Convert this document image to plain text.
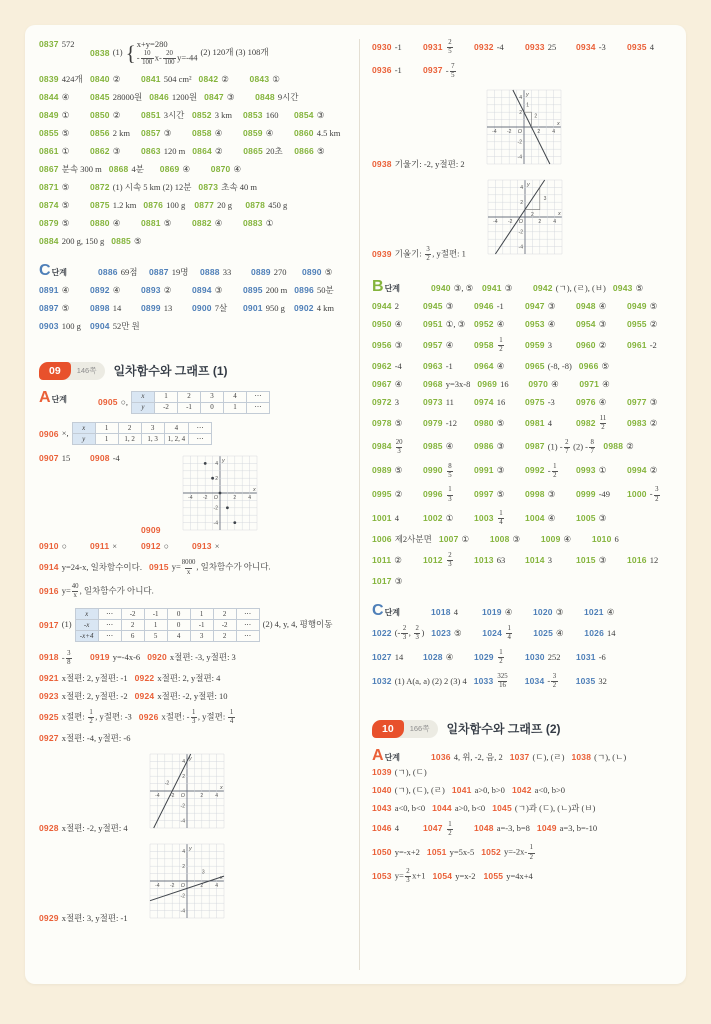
0837 572
0838 (1) { x+y=280
- $\frac{10}{100} x- \frac{20}{100} y=-44$
(2) 120개 (3) 108개
0839 424개 0840 ② 0841 504 cm² 0842 ② 0843 ①
0844 ④ 0845 28000원 0846 1200원 0847 ③ 0848 9시간
0849 ① 0850 ② 0851 3시간 0852 3 km 0853 160 0854 ③
0855 ⑤ 0856 2 km 0857 ③ 0858 ④ 0859 ④ 0860 4.5 km
0861 ① 0862 ③ 0863 120 m 0864 ② 0865 20초 0866 ⑤
0867 분속 300 m 0868 4분 0869 ④ 0870 ④
0871 ⑤ 0872 (1) 시속 5 km (2) 12분 0873 초속 40 m
0874 ⑤ 0875 1.2 km 0876 100 g 0877 20 g 0878 450 g
0879 ⑤ 0880 ④ 0881 ⑤ 0882 ④ 0883 ①
0884 200 g, 150 g 0885 ⑤
C 단계	0886 69점 0887 19명 0888 33 0889 270 0890 ⑤
0891 ④ 0892 ④ 0893 ② 0894 ③ 0895 200 m 0896 50분
0897 ⑤ 0898 14 0899 13 0900 7살 0901 950 g 0902 4 km
0903 100 g 0904 52만 원
09	146쪽	일차함수와 그래프 (1)
A 단계	0905 ○,
x	1	2	3	4	⋯
y	-2	-1	0	1	⋯
0906 ×,
x	1	2	3	4	⋯
y	1	1, 2	1, 3	1, 2, 4	⋯
0907 15 0908 -4
0909
-4
-4
-2
-2
2
2
4
4
O
x
y
0910 ○	0911 ×	0912 ○	0913 ×
0914 y=24-x, 일차함수이다. 0915 $y= \frac{8000}{x}$ , 일차함수가 아니다.
0916 $y= \frac{40}{x}$ , 일차함수가 아니다.
0917 (1)
x	⋯	-2	-1	0	1	2	⋯
-x	⋯	2	1	0	-1	-2	⋯
-x+4	⋯	6	5	4	3	2	⋯
(2) 4, y, 4, 평행이동
$0918 - \frac{3}{8} 0919$ y=-4x-6 0920 x절편: -3, y절편: 3
0921 x절편: 2, y절편: -1 0922 x절편: 2, y절편: 4
0923 x절편: 2, y절편: -2 0924 x절편: -2, y절편: 10
0925 x절편: $\frac{1}{2}$ , y절편: -3 0926 x절편: - $\frac{1}{3}$ , y절편: $\frac{1}{4}$
0927 x절편: -4, y절편: -6
0928 x절편: -2, y절편: 4
-4
-4
-2
-2
2
2
4
4
O
x
y
-2
0929 x절편: 3, y절편: -1
-4
-4
-2
-2
2
2
4
4
O
x
y
3
0930 -1 $0931 \frac{2}{5} 0932$ -4 0933 25 0934 -3 0935 4
0936 -1 $0937 - \frac{7}{5}$
0938 기울기: -2, y절편: 2
-4
-4
-2
-2
2
2
4
4
O
x
y
1
2
0939 기울기: $\frac{3}{2}$ , y절편: 1
-4
-4
-2
-2
2
2
4
4
O
x
y
2
3
B 단계	0940 ③, ⑤ 0941 ③ 0942 (ㄱ), (ㄹ), (ㅂ) 0943 ⑤
0944 2	0945 ③ 0946 -1 0947 ③ 0948 ④ 0949 ⑤
0950 ④ 0951 ①, ③ 0952 ④ 0953 ④ 0954 ③ 0955 ②
0956 ③ 0957 ④ $0958 \frac{1}{2} 0959$ 3	0960 ② 0961 -2
0962 -4 0963 -1 0964 ④ 0965 (-8, -8) 0966 ⑤
0967 ④ 0968 y=3x-8 0969 16 0970 ④ 0971 ④
0972 3	0973 11 0974 16 0975 -3 0976 ④ 0977 ③
0978 ⑤ 0979 -12 0980 ⑤ 0981 4	$0982 \frac{11}{2} 0983$ ②
$0984 \frac{20}{3} 0985$ ④ 0986 ③ 0987 $(1) - \frac{2}{7} (2) - \frac{8}{7} 0988$ ②
0989 ⑤ $0990 \frac{8}{5} 0991$ ③ $0992 - \frac{1}{2} 0993$ ① 0994 ②
0995 ② $0996 \frac{1}{3} 0997$ ⑤ 0998 ③ 0999 -49 $1000 - \frac{3}{2}$
1001 4	1002 ① $1003 \frac{1}{4} 1004$ ④ 1005 ③
1006 제2사분면 1007 ① 1008 ③ 1009 ④ 1010 6
1011 ② $1012 \frac{2}{3} 1013$ 63 1014 3	1015 ③ 1016 12
1017 ③
C 단계	1018 4	1019 ④ 1020 ③ 1021 ④
1022 (- $\frac{2}{3}$ , $\frac{2}{3}$ ) 1023 ⑤ $1024 \frac{1}{4} 1025$ ④ 1026 14
1027 14 1028 ④ $1029 \frac{1}{2} 1030$ 252 1031 -6
1032 (1) A(a, a) (2) 2 (3) 4 $1033 \frac{325}{16} 1034 - \frac{3}{2} 1035$ 32
10	166쪽	일차함수와 그래프 (2)
A 단계	1036 4, 위, -2, 음, 2 1037 (ㄷ), (ㄹ) 1038 (ㄱ), (ㄴ)
1039 (ㄱ), (ㄷ)
1040 (ㄱ), (ㄷ), (ㄹ) 1041 a>0, b>0 1042 a<0, b>0
1043 a<0, b<0 1044 a>0, b<0 1045 (ㄱ)과 (ㄷ), (ㄴ)과 (ㅂ)
1046 4	$1047 \frac{1}{2} 1048$ a=-3, b=8 1049 a=3, b=-10
1050 y=-x+2 1051 y=5x-5 1052 $y=-2x- \frac{1}{2}$
1053 $y= \frac{2}{3} x+1$ 1054 y=x-2 1055 y=4x+4
